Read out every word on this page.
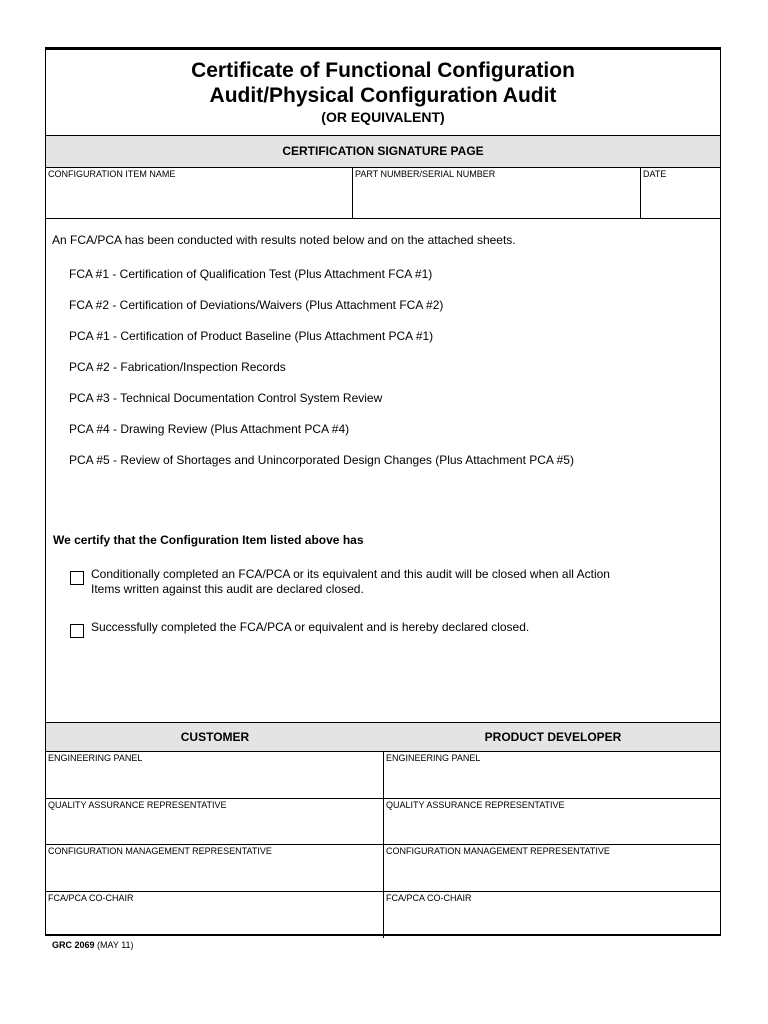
Certificate of Functional Configuration
Audit/Physical Configuration Audit
(OR EQUIVALENT)
CERTIFICATION SIGNATURE PAGE
CONFIGURATION ITEM NAME	PART NUMBER/SERIAL NUMBER	DATE
An FCA/PCA has been conducted with results noted below and on the attached sheets.
FCA #1 - Certification of Qualification Test (Plus Attachment FCA #1)
FCA #2 - Certification of Deviations/Waivers (Plus Attachment FCA #2)
PCA #1 - Certification of Product Baseline (Plus Attachment PCA #1)
PCA #2 - Fabrication/Inspection Records
PCA #3 - Technical Documentation Control System Review
PCA #4 - Drawing Review (Plus Attachment PCA #4)
PCA #5 - Review of Shortages and Unincorporated Design Changes (Plus Attachment PCA #5)
We certify that the Configuration Item listed above has
Conditionally completed an FCA/PCA or its equivalent and this audit will be closed when all Action
Items written against this audit are declared closed.
Successfully completed the FCA/PCA or equivalent and is hereby declared closed.
CUSTOMER	PRODUCT DEVELOPER
ENGINEERING PANEL	ENGINEERING PANEL
QUALITY ASSURANCE REPRESENTATIVE	QUALITY ASSURANCE REPRESENTATIVE
CONFIGURATION MANAGEMENT REPRESENTATIVE	CONFIGURATION MANAGEMENT REPRESENTATIVE
FCA/PCA CO-CHAIR	FCA/PCA CO-CHAIR
GRC 2069 (MAY 11)
